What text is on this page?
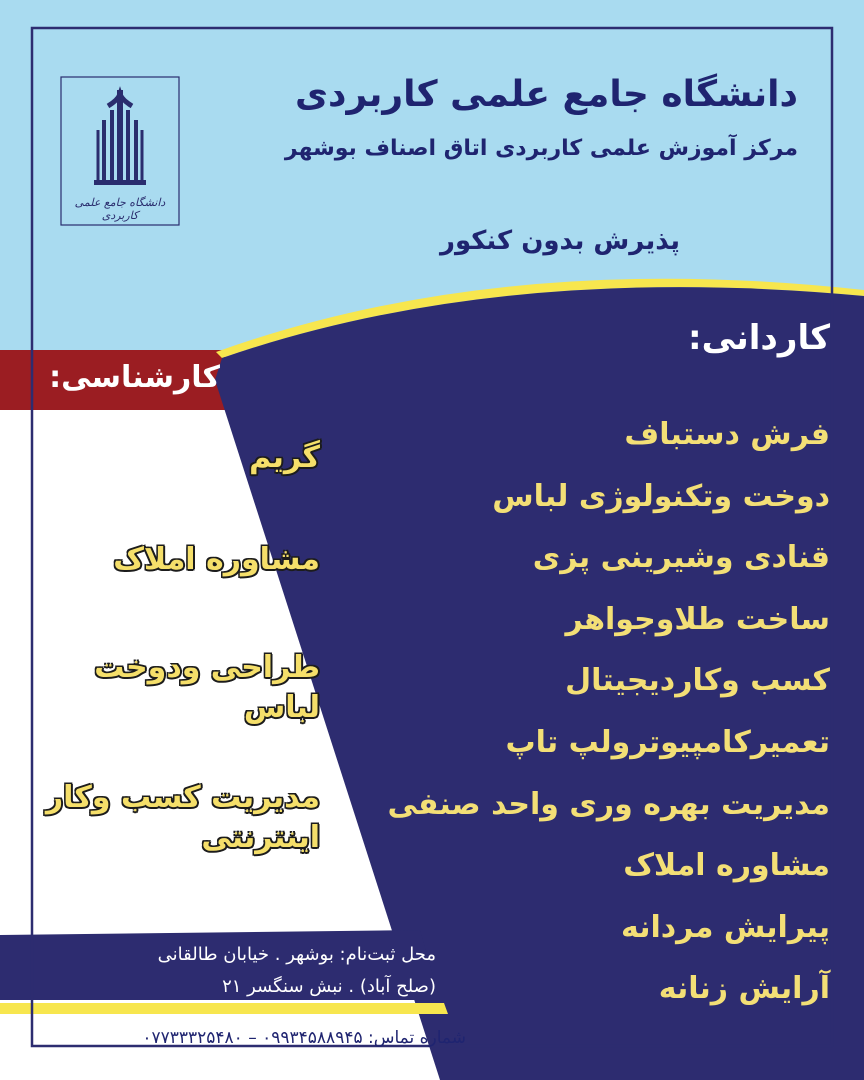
دانشگاه جامع علمی کاربردی
دانشگاه جامع علمی کاربردی
مرکز آموزش علمی کاربردی اتاق اصناف بوشهر
پذیرش بدون کنکور
کاردانی:
فرش دستباف
دوخت وتکنولوژی لباس
قنادی وشیرینی پزی
ساخت طلاوجواهر
کسب وکاردیجیتال
تعمیرکامپیوترولپ تاپ
مدیریت بهره وری واحد صنفی
مشاوره املاک
پیرایش مردانه
آرایش زنانه
کارشناسی:
گریم
مشاوره املاک
طراحی ودوخت
لباس
مدیریت کسب وکار
اینترنتی
محل ثبت‌نام: بوشهر . خیابان طالقانی
(صلح آباد) . نبش سنگسر ۲۱
شماره تماس: ۰۹۹۳۴۵۸۸۹۴۵ – ۰۷۷۳۳۳۲۵۴۸۰
